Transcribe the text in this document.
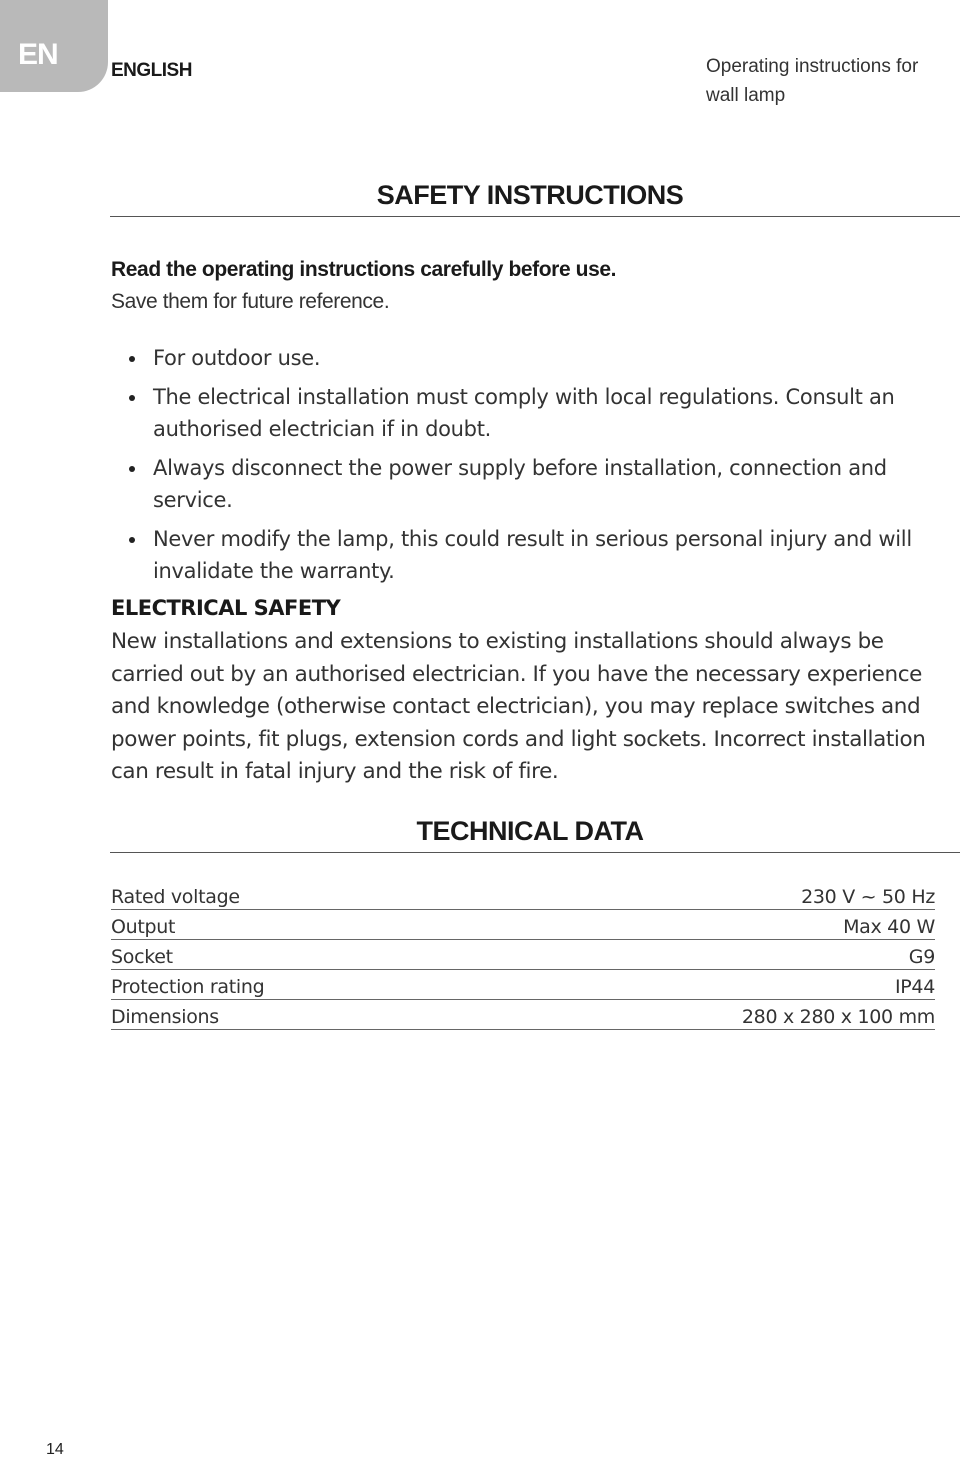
EN	ENGLISH	Operating instructions for wall lamp
SAFETY INSTRUCTIONS
Read the operating instructions carefully before use.
Save them for future reference.
For outdoor use.
The electrical installation must comply with local regulations. Consult an authorised electrician if in doubt.
Always disconnect the power supply before installation, connection and service.
Never modify the lamp, this could result in serious personal injury and will invalidate the warranty.
ELECTRICAL SAFETY
New installations and extensions to existing installations should always be carried out by an authorised electrician. If you have the necessary experience and knowledge (otherwise contact electrician), you may replace switches and power points, fit plugs, extension cords and light sockets. Incorrect installation can result in fatal injury and the risk of fire.
TECHNICAL DATA
Rated voltage	230 V ~ 50 Hz
Output	Max 40 W
Socket	G9
Protection rating	IP44
Dimensions	280 x 280 x 100 mm
14
